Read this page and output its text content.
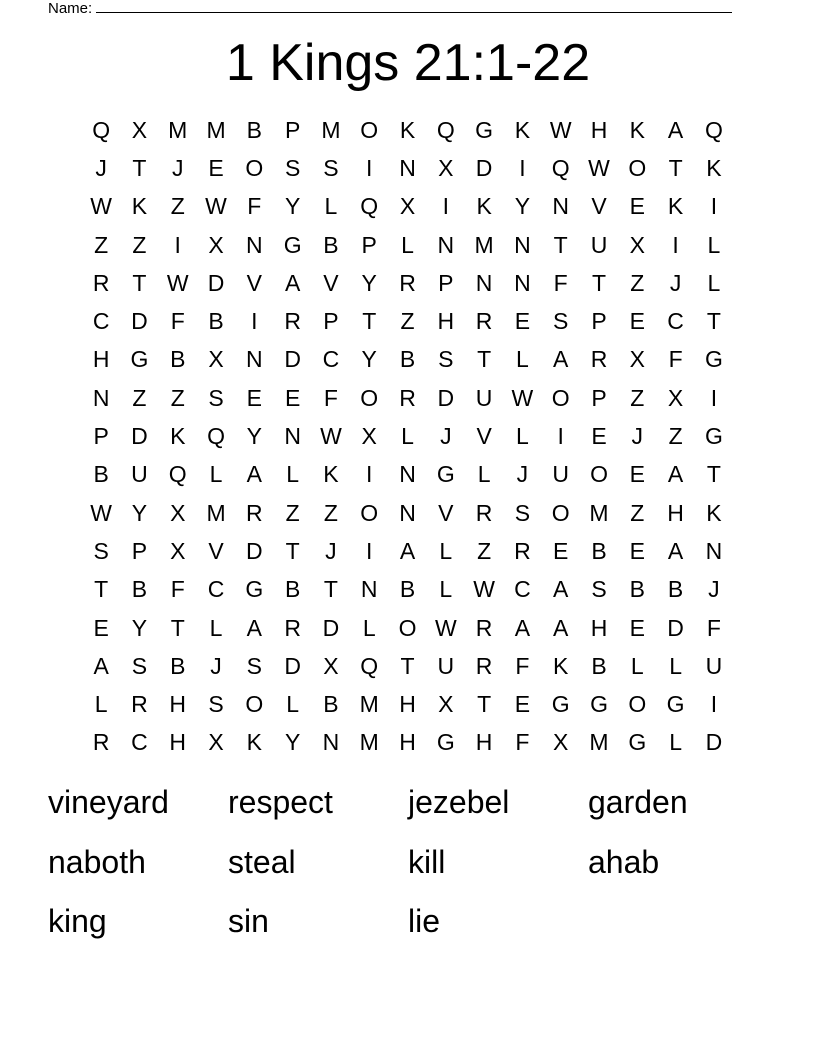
Name:
1 Kings 21:1-22
Q X M M B P M O K Q G K W H K A Q
J	T	J	E O S S	I	N X D	I	Q W O T	K
W K	Z W F	Y	L Q X	I	K Y N V E K	I
Z	Z	I	X N G B P	L	N M N T U X	I	L
R T W D V A V Y R P N N F	T	Z	J	L
C D F	B	I	R P	T	Z H R E S P E C T
H G B X N D C Y B S	T	L	A R X	F G
N Z	Z	S E E	F O R D U W O P	Z	X	I
P D K Q Y N W X	L	J	V	L	I	E	J	Z G
B U Q L	A	L	K	I	N G L	J	U O E A	T
W Y X M R Z	Z O N V R S O M Z H K
S P X V D T	J	I	A	L	Z R E B E A N
T	B	F C G B	T N B	L W C A S B B	J
E Y	T	L	A R D	L O W R A A H E D F
A S B	J	S D X Q T U R F	K B	L	L	U
L	R H S O L	B M H X	T	E G G O G	I
R C H X K Y N M H G H F	X M G L	D
vineyard	respect	jezebel	garden
naboth	steal	kill	ahab
king	sin	lie
